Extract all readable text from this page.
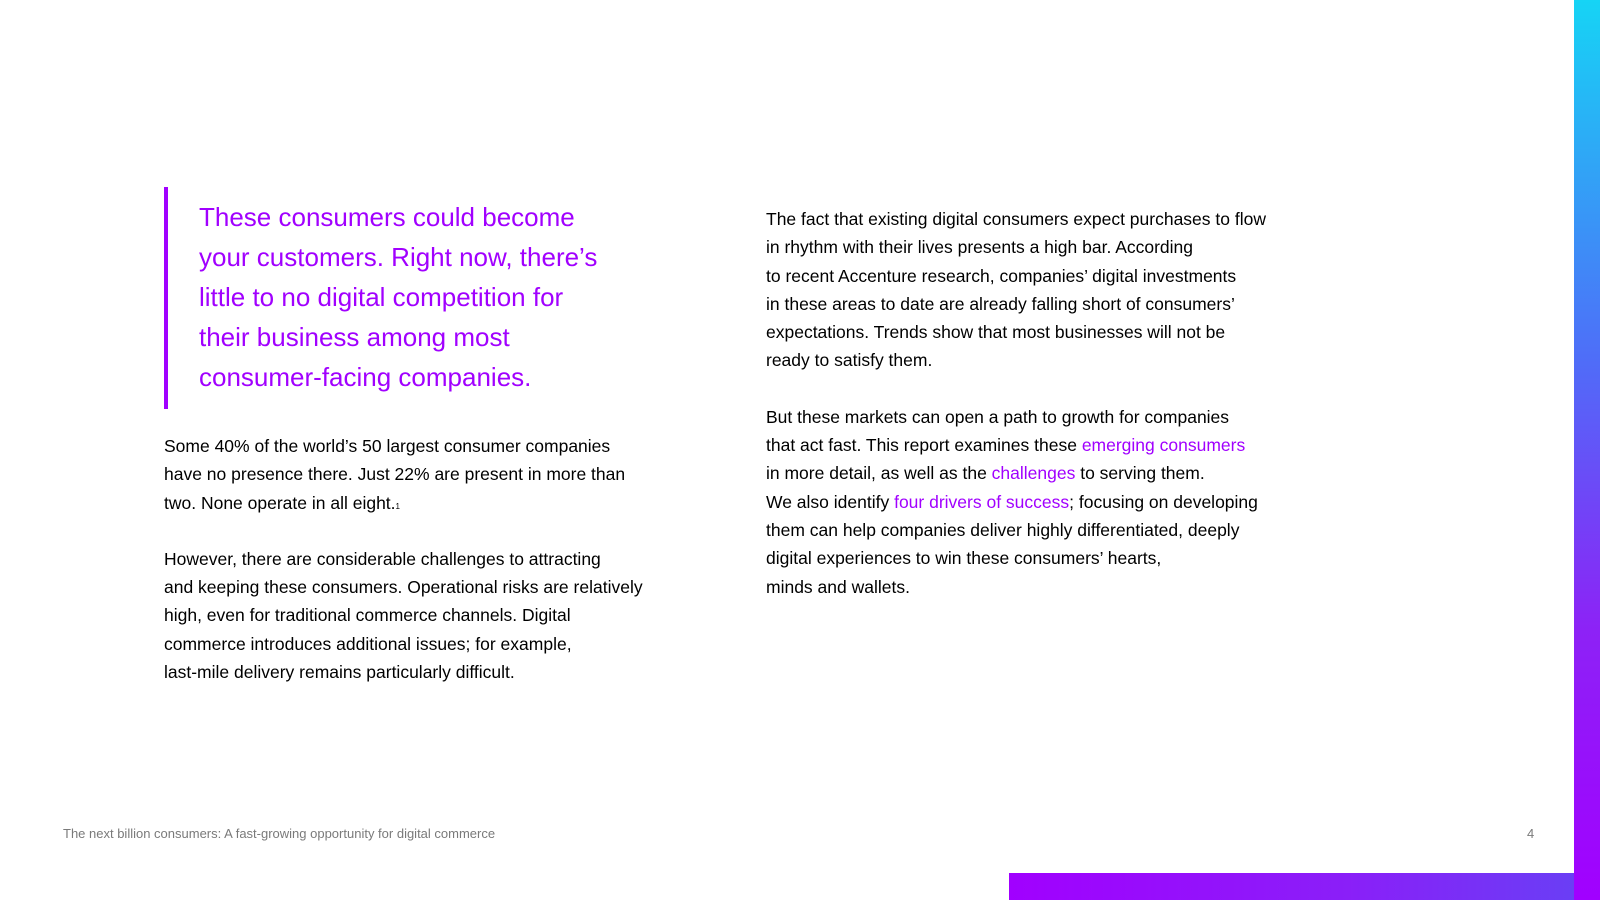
These consumers could become
your customers. Right now, there’s
little to no digital competition for
their business among most
consumer-facing companies.

Some 40% of the world’s 50 largest consumer companies
have no presence there. Just 22% are present in more than
two. None operate in all eight.$^1$

However, there are considerable challenges to attracting
and keeping these consumers. Operational risks are relatively
high, even for traditional commerce channels. Digital
commerce introduces additional issues; for example,
last-mile delivery remains particularly difficult.

The fact that existing digital consumers expect purchases to flow
in rhythm with their lives presents a high bar. According
to recent Accenture research, companies’ digital investments
in these areas to date are already falling short of consumers’
expectations. Trends show that most businesses will not be
ready to satisfy them.

But these markets can open a path to growth for companies
that act fast. This report examines these emerging consumers
in more detail, as well as the challenges to serving them.
We also identify four drivers of success; focusing on developing
them can help companies deliver highly differentiated, deeply
digital experiences to win these consumers’ hearts,
minds and wallets.

The next billion consumers: A fast-growing opportunity for digital commerce	4
